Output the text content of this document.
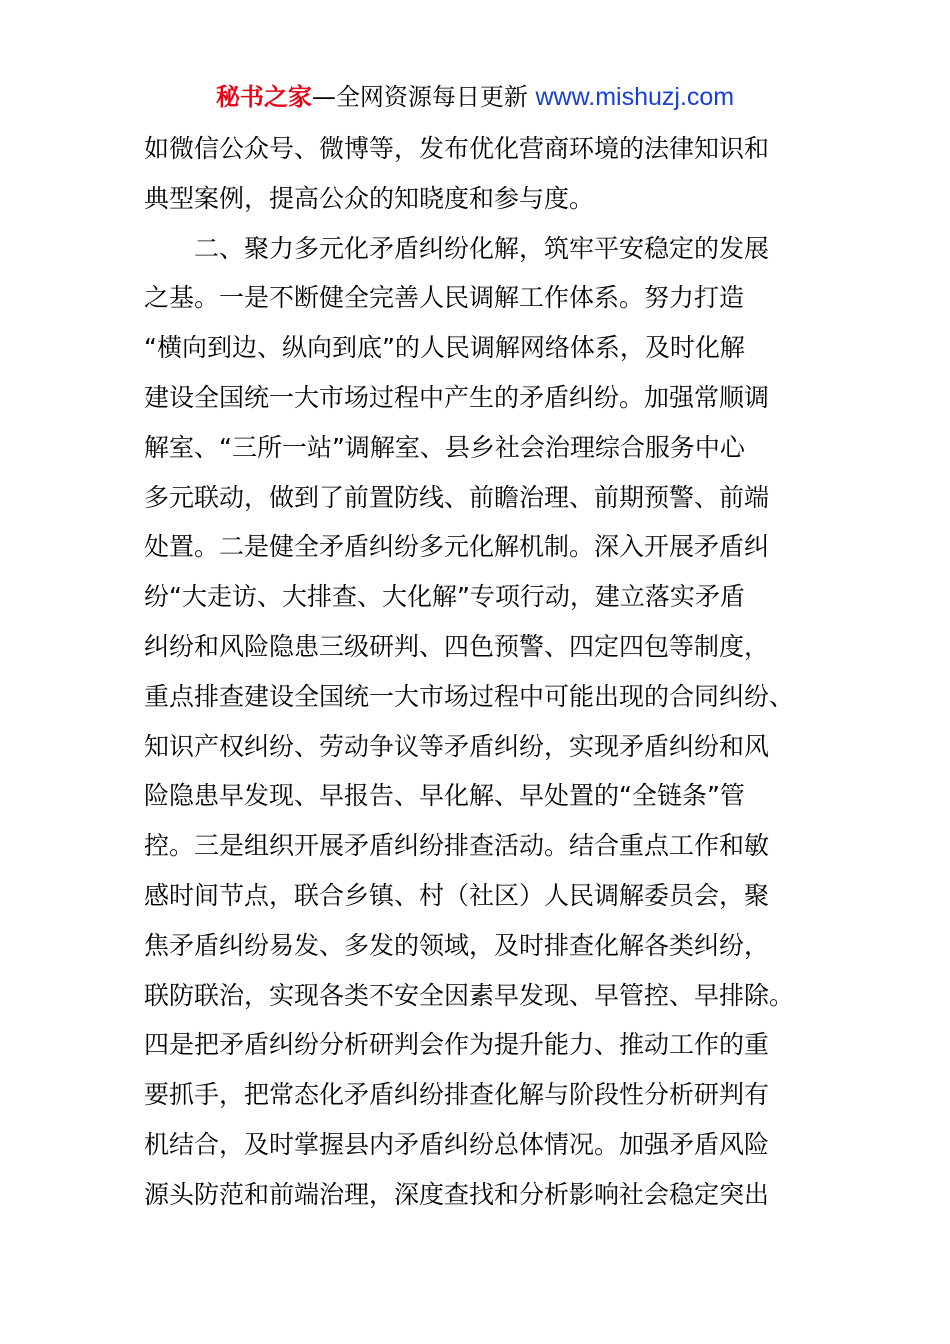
秘书之家—全网资源每日更新 www.mishuzj.com
如微信公众号、微博等，发布优化营商环境的法律知识和
典型案例，提高公众的知晓度和参与度。
　　二、聚力多元化矛盾纠纷化解，筑牢平安稳定的发展
之基。一是不断健全完善人民调解工作体系。努力打造
“横向到边、纵向到底”的人民调解网络体系，及时化解
建设全国统一大市场过程中产生的矛盾纠纷。加强常顺调
解室、“三所一站”调解室、县乡社会治理综合服务中心
多元联动，做到了前置防线、前瞻治理、前期预警、前端
处置。二是健全矛盾纠纷多元化解机制。深入开展矛盾纠
纷“大走访、大排查、大化解”专项行动，建立落实矛盾
纠纷和风险隐患三级研判、四色预警、四定四包等制度，
重点排查建设全国统一大市场过程中可能出现的合同纠纷、
知识产权纠纷、劳动争议等矛盾纠纷，实现矛盾纠纷和风
险隐患早发现、早报告、早化解、早处置的“全链条”管
控。三是组织开展矛盾纠纷排查活动。结合重点工作和敏
感时间节点，联合乡镇、村（社区）人民调解委员会，聚
焦矛盾纠纷易发、多发的领域，及时排查化解各类纠纷，
联防联治，实现各类不安全因素早发现、早管控、早排除。
四是把矛盾纠纷分析研判会作为提升能力、推动工作的重
要抓手，把常态化矛盾纠纷排查化解与阶段性分析研判有
机结合，及时掌握县内矛盾纠纷总体情况。加强矛盾风险
源头防范和前端治理，深度查找和分析影响社会稳定突出
